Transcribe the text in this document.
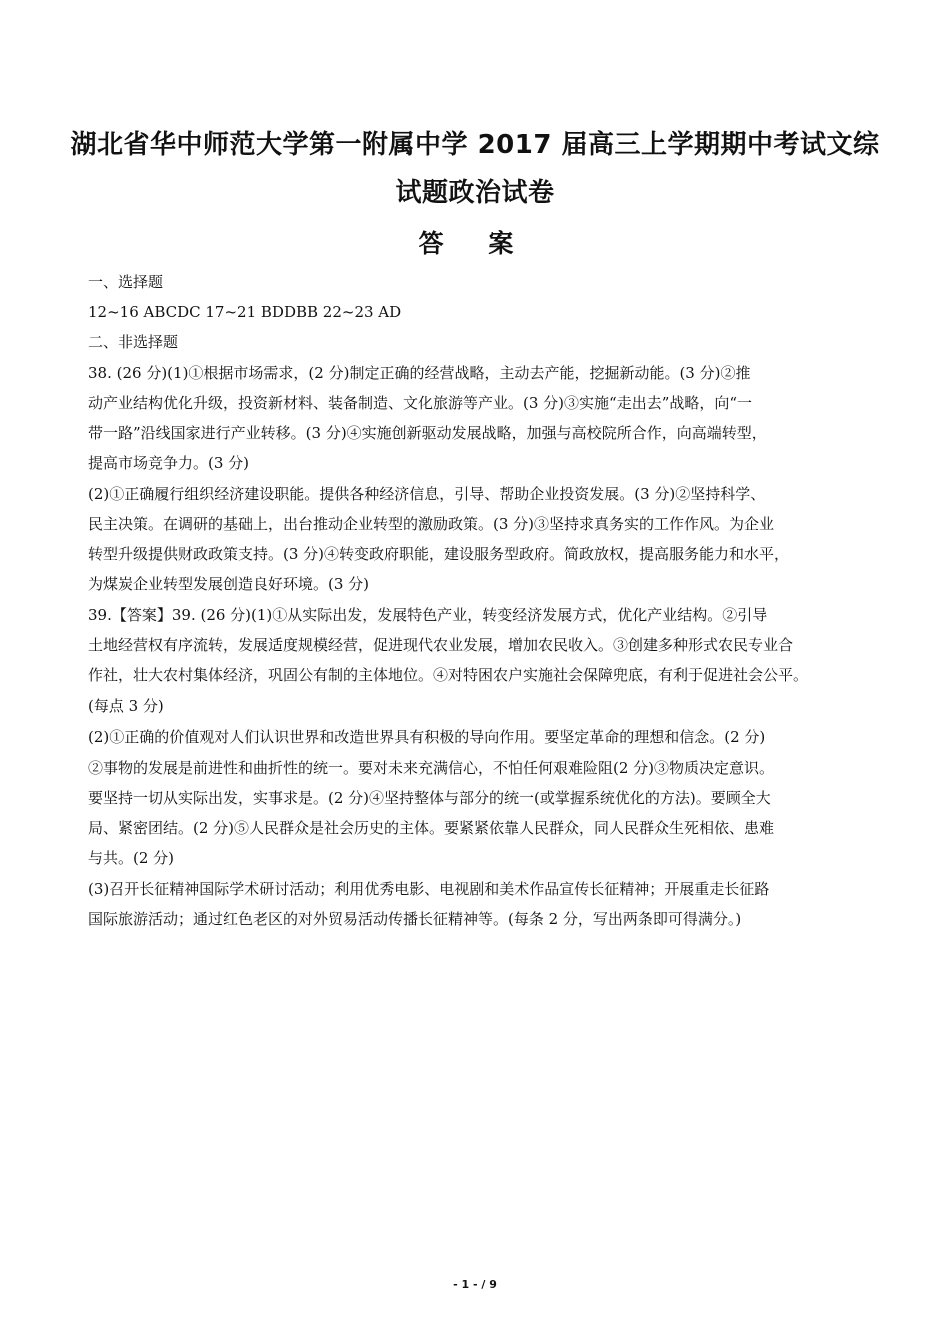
湖北省华中师范大学第一附属中学 2017 届高三上学期期中考试文综
试题政治试卷
答 案
一、选择题
12~16 ABCDC 17~21 BDDBB 22~23 AD
二、非选择题
38. (26 分)(1)①根据市场需求，(2 分)制定正确的经营战略，主动去产能，挖掘新动能。(3 分)②推
动产业结构优化升级，投资新材料、装备制造、文化旅游等产业。(3 分)③实施“走出去”战略，向“一
带一路”沿线国家进行产业转移。(3 分)④实施创新驱动发展战略，加强与高校院所合作，向高端转型，
提高市场竞争力。(3 分)
(2)①正确履行组织经济建设职能。提供各种经济信息，引导、帮助企业投资发展。(3 分)②坚持科学、
民主决策。在调研的基础上，出台推动企业转型的激励政策。(3 分)③坚持求真务实的工作作风。为企业
转型升级提供财政政策支持。(3 分)④转变政府职能，建设服务型政府。简政放权，提高服务能力和水平，
为煤炭企业转型发展创造良好环境。(3 分)
39.【答案】39. (26 分)(1)①从实际出发，发展特色产业，转变经济发展方式，优化产业结构。②引导
土地经营权有序流转，发展适度规模经营，促进现代农业发展，增加农民收入。③创建多种形式农民专业合
作社，壮大农村集体经济，巩固公有制的主体地位。④对特困农户实施社会保障兜底，有利于促进社会公平。
(每点 3 分)
(2)①正确的价值观对人们认识世界和改造世界具有积极的导向作用。要坚定革命的理想和信念。(2 分)
②事物的发展是前进性和曲折性的统一。要对未来充满信心，不怕任何艰难险阻(2 分)③物质决定意识。
要坚持一切从实际出发，实事求是。(2 分)④坚持整体与部分的统一(或掌握系统优化的方法)。要顾全大
局、紧密团结。(2 分)⑤人民群众是社会历史的主体。要紧紧依靠人民群众，同人民群众生死相依、患难
与共。(2 分)
(3)召开长征精神国际学术研讨活动；利用优秀电影、电视剧和美术作品宣传长征精神；开展重走长征路
国际旅游活动；通过红色老区的对外贸易活动传播长征精神等。(每条 2 分，写出两条即可得满分。)
- 1 - / 9
